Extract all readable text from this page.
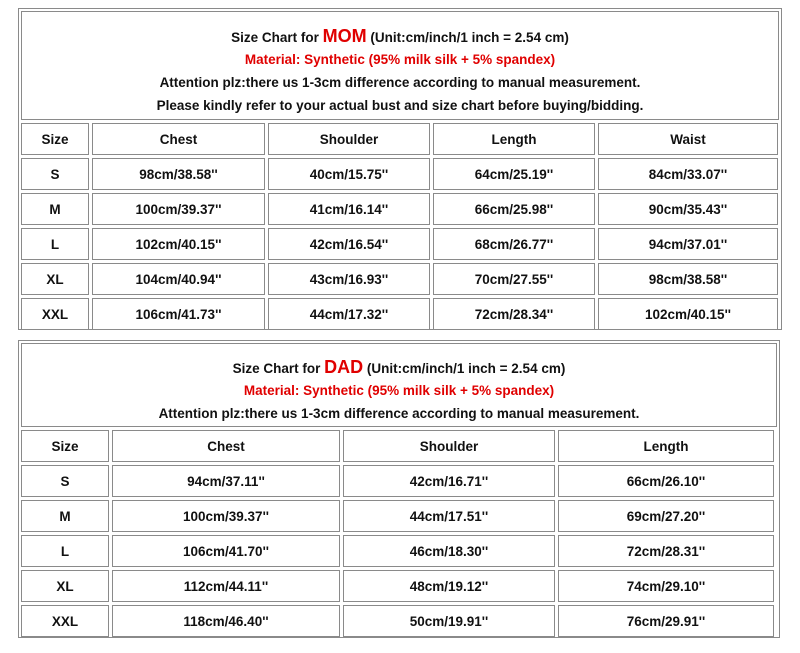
Size Chart for MOM (Unit:cm/inch/1 inch = 2.54 cm)
Material: Synthetic (95% milk silk + 5% spandex)
Attention plz:there us 1-3cm difference according to manual measurement.
Please kindly refer to your actual bust and size chart before buying/bidding.
Size	Chest	Shoulder	Length	Waist
S	98cm/38.58''	40cm/15.75''	64cm/25.19''	84cm/33.07''
M	100cm/39.37''	41cm/16.14''	66cm/25.98''	90cm/35.43''
L	102cm/40.15''	42cm/16.54''	68cm/26.77''	94cm/37.01''
XL	104cm/40.94''	43cm/16.93''	70cm/27.55''	98cm/38.58''
XXL	106cm/41.73''	44cm/17.32''	72cm/28.34''	102cm/40.15''
Size Chart for DAD (Unit:cm/inch/1 inch = 2.54 cm)
Material: Synthetic (95% milk silk + 5% spandex)
Attention plz:there us 1-3cm difference according to manual measurement.
Size	Chest	Shoulder	Length
S	94cm/37.11''	42cm/16.71''	66cm/26.10''
M	100cm/39.37''	44cm/17.51''	69cm/27.20''
L	106cm/41.70''	46cm/18.30''	72cm/28.31''
XL	112cm/44.11''	48cm/19.12''	74cm/29.10''
XXL	118cm/46.40''	50cm/19.91''	76cm/29.91''
